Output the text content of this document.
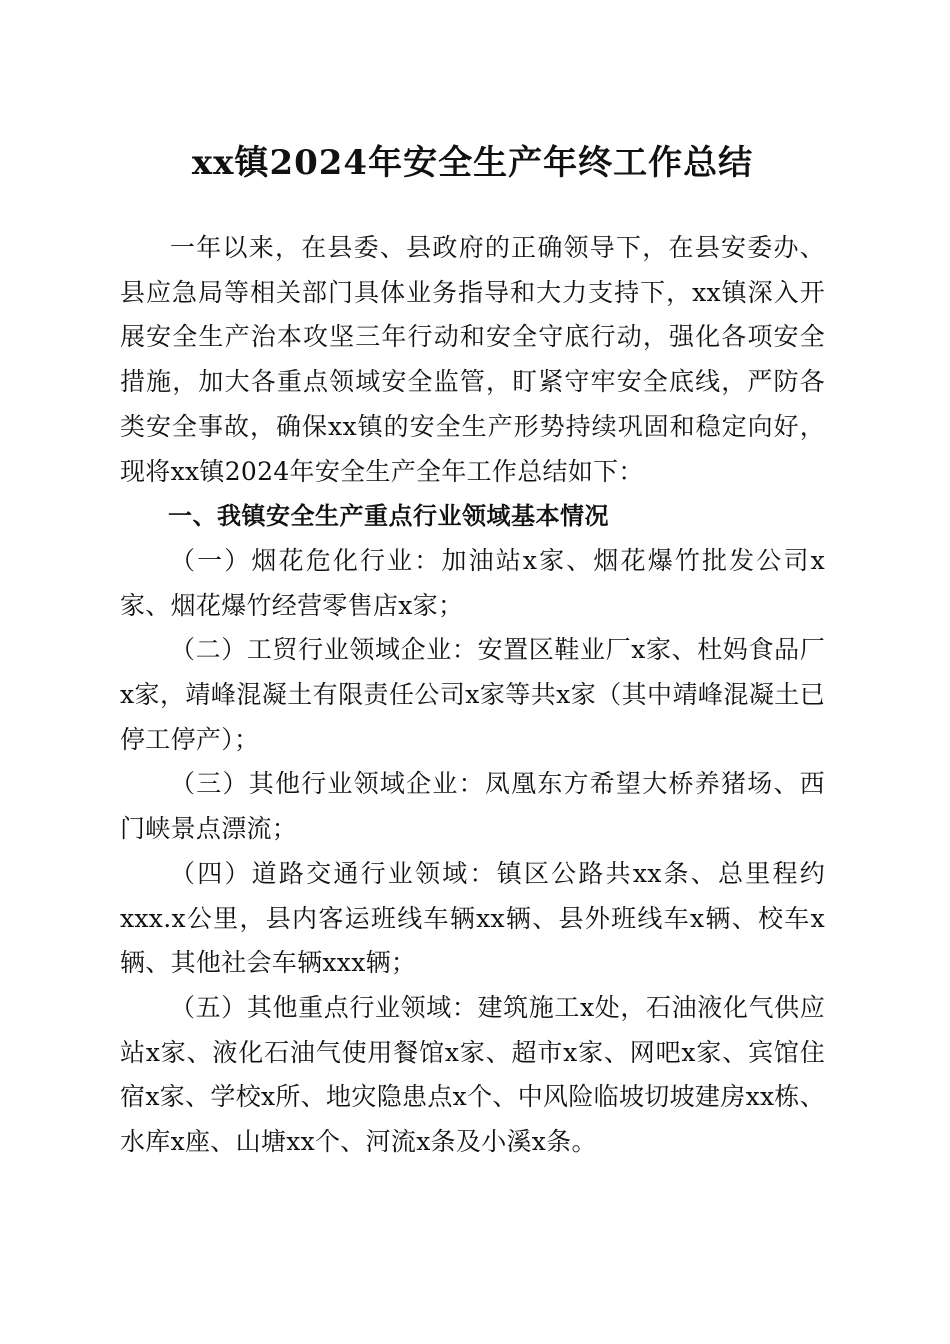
xx镇2024年安全生产年终工作总结

一年以来，在县委、县政府的正确领导下，在县安委办、县应急局等相关部门具体业务指导和大力支持下，xx镇深入开展安全生产治本攻坚三年行动和安全守底行动，强化各项安全措施，加大各重点领域安全监管，盯紧守牢安全底线，严防各类安全事故，确保xx镇的安全生产形势持续巩固和稳定向好，现将xx镇2024年安全生产全年工作总结如下：

一、我镇安全生产重点行业领域基本情况

（一）烟花危化行业：加油站x家、烟花爆竹批发公司x家、烟花爆竹经营零售店x家；

（二）工贸行业领域企业：安置区鞋业厂x家、杜妈食品厂x家，靖峰混凝土有限责任公司x家等共x家（其中靖峰混凝土已停工停产）；

（三）其他行业领域企业：凤凰东方希望大桥养猪场、西门峡景点漂流；

（四）道路交通行业领域：镇区公路共xx条、总里程约xxx.x公里，县内客运班线车辆xx辆、县外班线车x辆、校车x辆、其他社会车辆xxx辆；

（五）其他重点行业领域：建筑施工x处，石油液化气供应站x家、液化石油气使用餐馆x家、超市x家、网吧x家、宾馆住宿x家、学校x所、地灾隐患点x个、中风险临坡切坡建房xx栋、水库x座、山塘xx个、河流x条及小溪x条。
